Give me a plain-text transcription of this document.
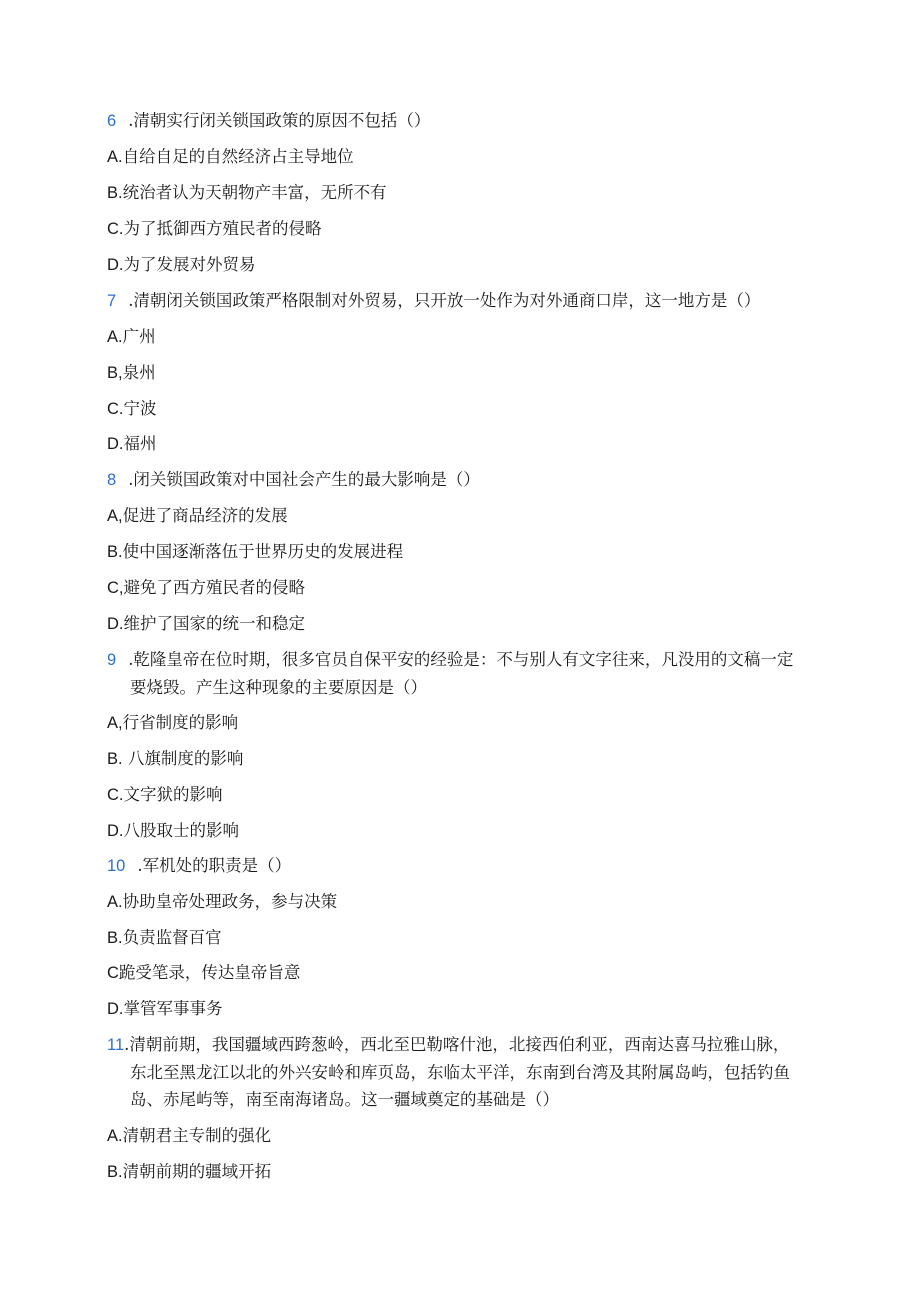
6 .清朝实行闭关锁国政策的原因不包括（）
A.自给自足的自然经济占主导地位
B.统治者认为天朝物产丰富，无所不有
C.为了抵御西方殖民者的侵略
D.为了发展对外贸易
7 .清朝闭关锁国政策严格限制对外贸易，只开放一处作为对外通商口岸，这一地方是（）
A.广州
B,泉州
C.宁波
D.福州
8 .闭关锁国政策对中国社会产生的最大影响是（）
A,促进了商品经济的发展
B.使中国逐渐落伍于世界历史的发展进程
C,避免了西方殖民者的侵略
D.维护了国家的统一和稳定
9 .乾隆皇帝在位时期，很多官员自保平安的经验是：不与别人有文字往来，凡没用的文稿一定
要烧毁。产生这种现象的主要原因是（）
A,行省制度的影响
B. 八旗制度的影响
C.文字狱的影响
D.八股取士的影响
10 .军机处的职责是（）
A.协助皇帝处理政务，参与决策
B.负责监督百官
C跪受笔录，传达皇帝旨意
D.掌管军事事务
11.清朝前期，我国疆域西跨葱岭，西北至巴勒喀什池，北接西伯利亚，西南达喜马拉雅山脉，
东北至黑龙江以北的外兴安岭和库页岛，东临太平洋，东南到台湾及其附属岛屿，包括钓鱼
岛、赤尾屿等，南至南海诸岛。这一疆域奠定的基础是（）
A.清朝君主专制的强化
B.清朝前期的疆域开拓
